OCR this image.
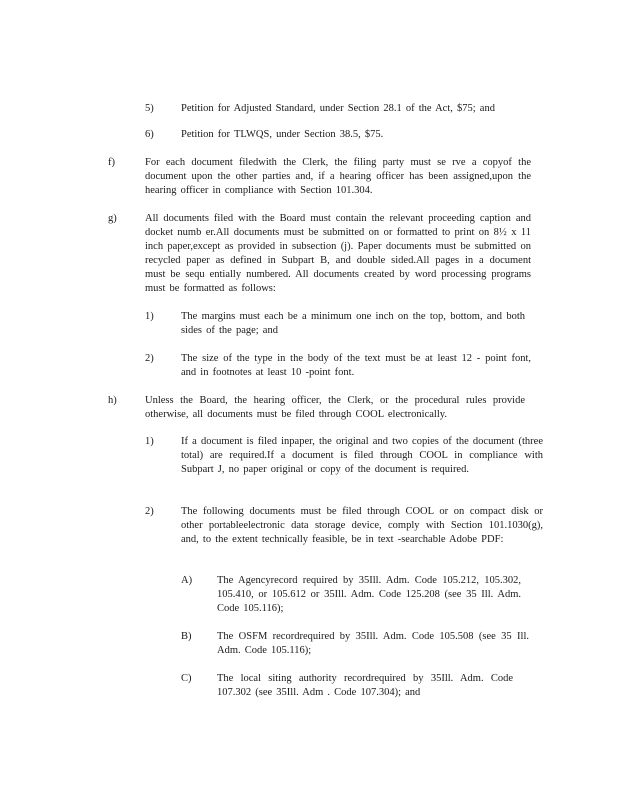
5)	Petition for Adjusted Standard, under Section 28.1 of the Act, $75; and
6)	Petition for TLWQS, under Section 38.5, $75.
f)	For each document filedwith the Clerk, the filing party must se rve a copyof the document upon the other parties and, if a hearing officer has been assigned,upon the hearing officer in compliance with Section 101.304.
g)	All documents filed with the Board must contain the relevant proceeding caption and docket numb er.All documents must be submitted on or formatted to print on 8½ x 11 inch paper,except as provided in subsection (j). Paper documents must be submitted on recycled paper as defined in Subpart B, and double sided.All pages in a document must be sequ entially numbered. All documents created by word processing programs must be formatted as follows:
1)	The margins must each be a minimum one inch on the top, bottom, and both sides of the page; and
2)	The size of the type in the body of the text must be at least 12 - point font, and in footnotes at least 10 -point font.
h)	Unless the Board, the hearing officer, the Clerk, or the procedural rules provide otherwise, all documents must be filed through COOL electronically.
1)	If a document is filed inpaper, the original and two copies of the document (three total) are required.If a document is filed through COOL in compliance with Subpart J, no paper original or copy of the document is required.
2)	The following documents must be filed through COOL or on compact disk or other portableelectronic data storage device, comply with Section 101.1030(g), and, to the extent technically feasible, be in text -searchable Adobe PDF:
A) The Agencyrecord required by 35Ill. Adm. Code 105.212, 105.302, 105.410, or 105.612 or 35Ill. Adm. Code 125.208 (see 35 Ill. Adm. Code 105.116);
B) The OSFM recordrequired by 35Ill. Adm. Code 105.508 (see 35 Ill. Adm. Code 105.116);
C) The local siting authority recordrequired by 35Ill. Adm. Code 107.302 (see 35Ill. Adm . Code 107.304); and
